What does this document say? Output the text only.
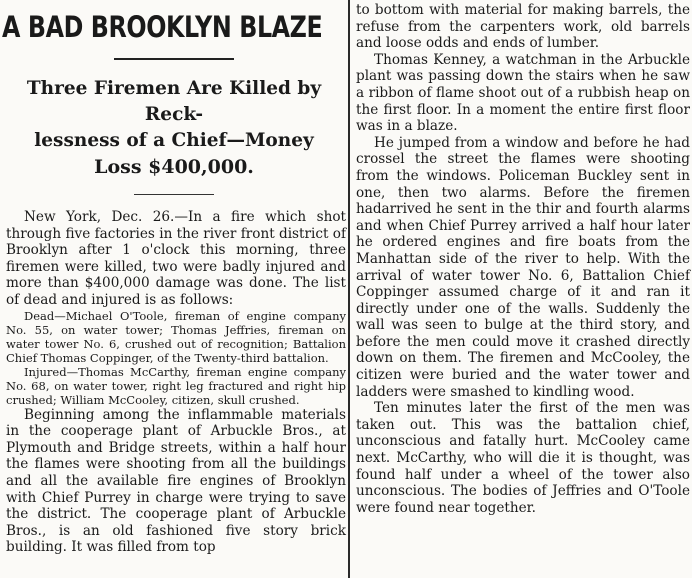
A BAD BROOKLYN BLAZE
Three Firemen Are Killed by Reck-
lessness of a Chief—Money
Loss $400,000.

New York, Dec. 26.—In a fire which shot through five factories in the river front district of Brooklyn after 1 o'clock this morning, three firemen were killed, two were badly injured and more than $400,000 damage was done. The list of dead and injured is as follows:

Dead—Michael O'Toole, fireman of engine company No. 55, on water tower; Thomas Jeffries, fireman on water tower No. 6, crushed out of recognition; Battalion Chief Thomas Coppinger, of the Twenty-third battalion.

Injured—Thomas McCarthy, fireman engine company No. 68, on water tower, right leg fractured and right hip crushed; William McCooley, citizen, skull crushed.

Beginning among the inflammable materials in the cooperage plant of Arbuckle Bros., at Plymouth and Bridge streets, within a half hour the flames were shooting from all the buildings and all the available fire engines of Brooklyn with Chief Purrey in charge were trying to save the district. The cooperage plant of Arbuckle Bros., is an old fashioned five story brick building. It was filled from top

to bottom with material for making barrels, the refuse from the carpenters work, old barrels and loose odds and ends of lumber.

Thomas Kenney, a watchman in the Arbuckle plant was passing down the stairs when he saw a ribbon of flame shoot out of a rubbish heap on the first floor. In a moment the entire first floor was in a blaze.

He jumped from a window and before he had crossel the street the flames were shooting from the windows. Policeman Buckley sent in one, then two alarms. Before the firemen hadarrived he sent in the thir and fourth alarms and when Chief Purrey arrived a half hour later he ordered engines and fire boats from the Manhattan side of the river to help. With the arrival of water tower No. 6, Battalion Chief Coppinger assumed charge of it and ran it directly under one of the walls. Suddenly the wall was seen to bulge at the third story, and before the men could move it crashed directly down on them. The firemen and McCooley, the citizen were buried and the water tower and ladders were smashed to kindling wood.

Ten minutes later the first of the men was taken out. This was the battalion chief, unconscious and fatally hurt. McCooley came next. McCarthy, who will die it is thought, was found half under a wheel of the tower also unconscious. The bodies of Jeffries and O'Toole were found near together.
